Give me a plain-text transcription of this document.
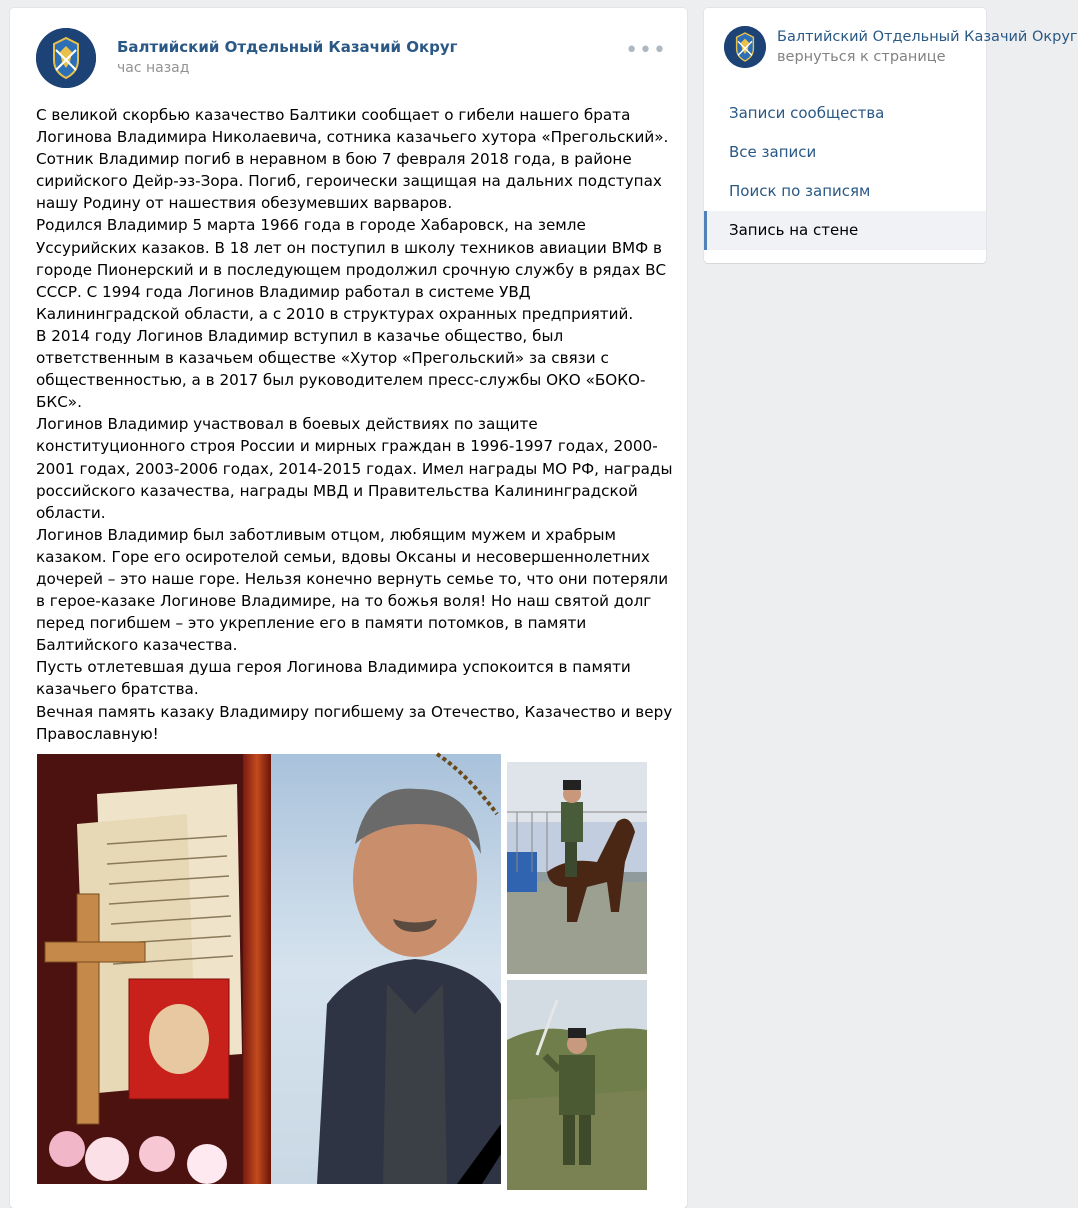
Балтийский Отдельный Казачий Округ
час назад
•••

С великой скорбью казачество Балтики сообщает о гибели нашего брата Логинова Владимира Николаевича, сотника казачьего хутора «Прегольский». Сотник Владимир погиб в неравном в бою 7 февраля 2018 года, в районе сирийского Дейр-эз-Зора. Погиб, героически защищая на дальних подступах нашу Родину от нашествия обезумевших варваров.

Родился Владимир 5 марта 1966 года в городе Хабаровск, на земле Уссурийских казаков. В 18 лет он поступил в школу техников авиации ВМФ в городе Пионерский и в последующем продолжил срочную службу в рядах ВС СССР. С 1994 года Логинов Владимир работал в системе УВД Калининградской области, а с 2010 в структурах охранных предприятий.

В 2014 году Логинов Владимир вступил в казачье общество, был ответственным в казачьем обществе «Хутор «Прегольский» за связи с общественностью, а в 2017 был руководителем пресс-службы ОКО «БОКО-БКС».

Логинов Владимир участвовал в боевых действиях по защите конституционного строя России и мирных граждан в 1996-1997 годах, 2000-2001 годах, 2003-2006 годах, 2014-2015 годах. Имел награды МО РФ, награды российского казачества, награды МВД и Правительства Калининградской области.

Логинов Владимир был заботливым отцом, любящим мужем и храбрым казаком. Горе его осиротелой семьи, вдовы Оксаны и несовершеннолетних дочерей – это наше горе. Нельзя конечно вернуть семье то, что они потеряли в герое-казаке Логинове Владимире, на то божья воля! Но наш святой долг перед погибшем – это укрепление его в памяти потомков, в памяти Балтийского казачества.

Пусть отлетевшая душа героя Логинова Владимира успокоится в памяти казачьего братства.

Вечная память казаку Владимиру погибшему за Отечество, Казачество и веру Православную!

Балтийский Отдельный Казачий Округ
вернуться к странице
Записи сообщества
Все записи
Поиск по записям
Запись на стене
